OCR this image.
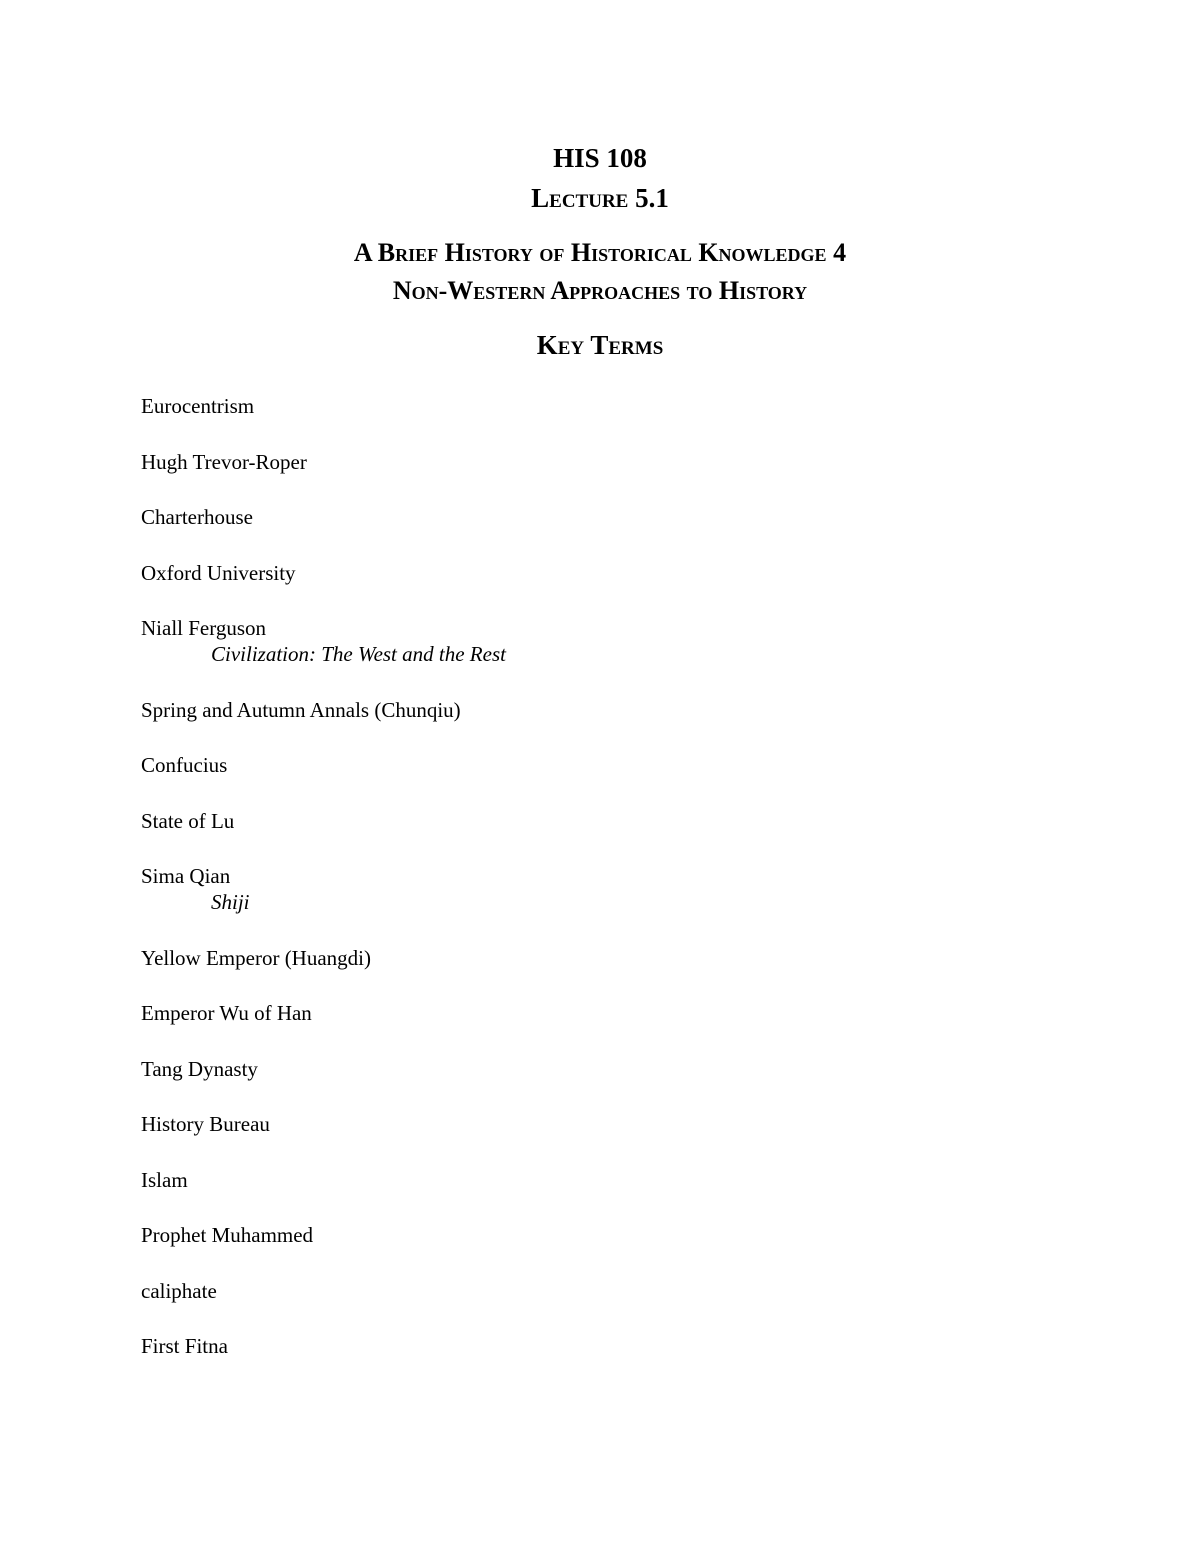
HIS 108
Lecture 5.1
A Brief History of Historical Knowledge 4
Non-Western Approaches to History
Key Terms
Eurocentrism
Hugh Trevor-Roper
Charterhouse
Oxford University
Niall Ferguson
Civilization: The West and the Rest
Spring and Autumn Annals (Chunqiu)
Confucius
State of Lu
Sima Qian
Shiji
Yellow Emperor (Huangdi)
Emperor Wu of Han
Tang Dynasty
History Bureau
Islam
Prophet Muhammed
caliphate
First Fitna
